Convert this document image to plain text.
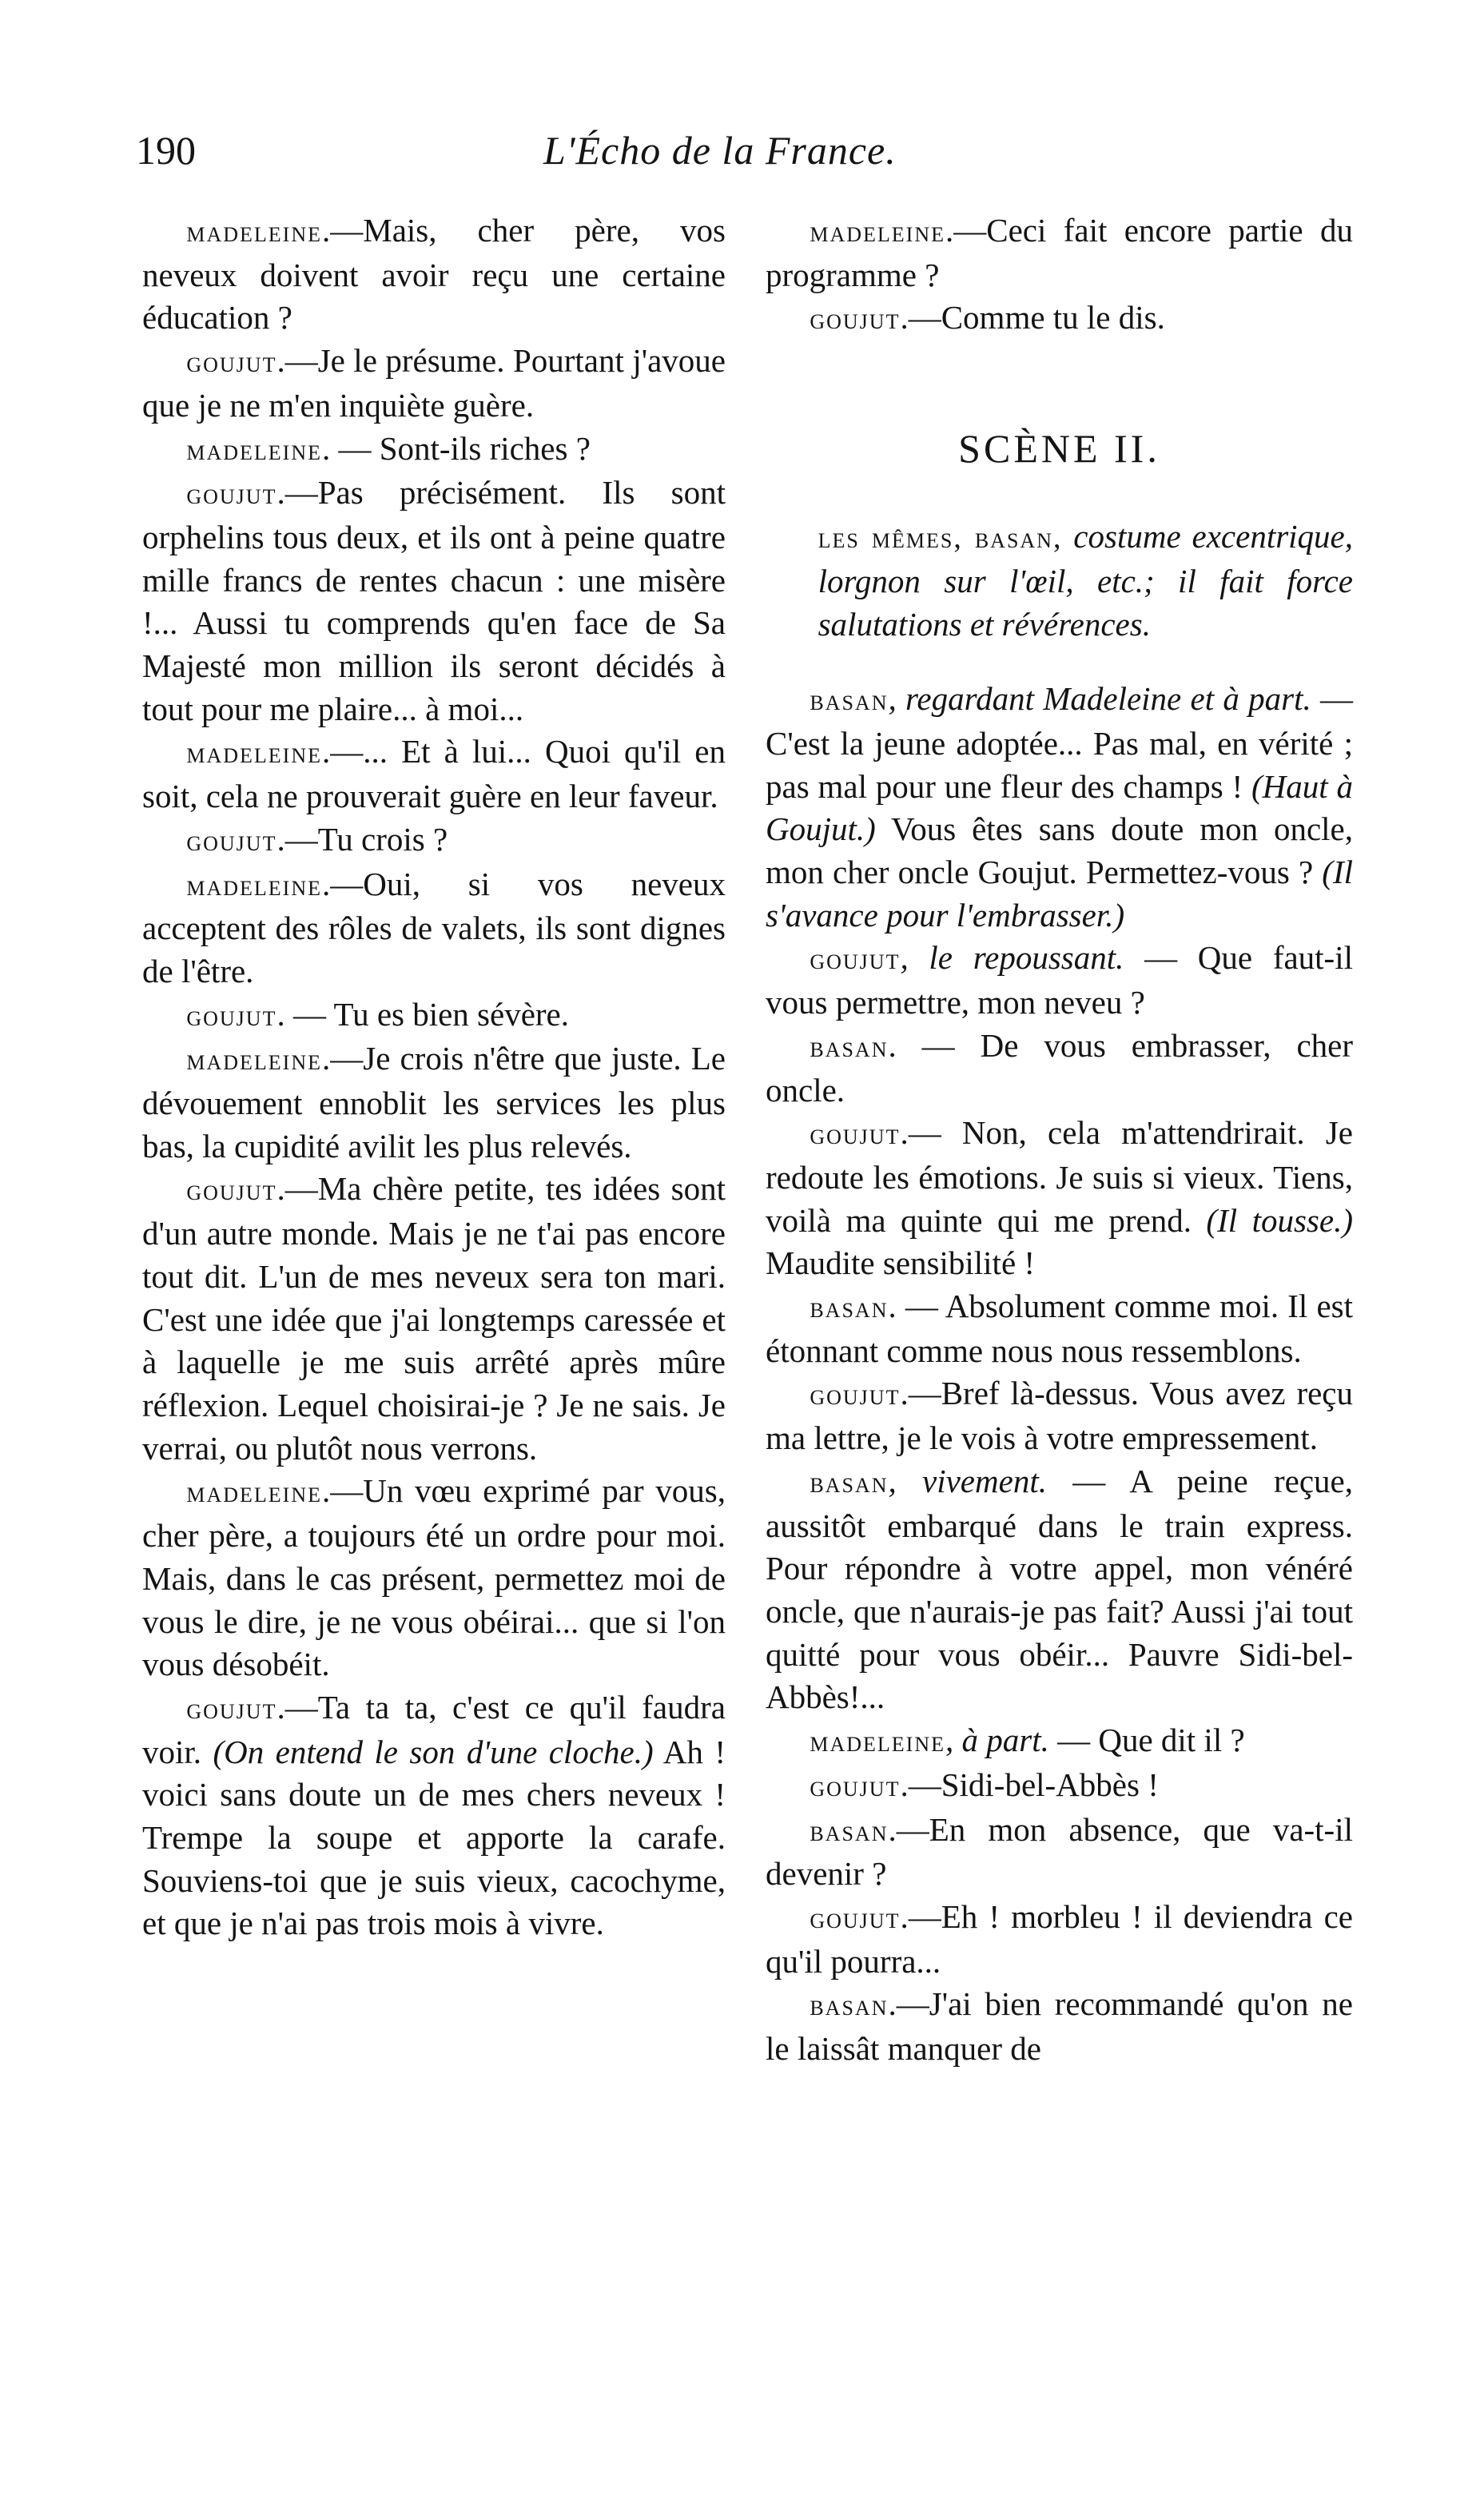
190	L'Écho de la France.

madeleine.—Mais, cher père, vos neveux doivent avoir reçu une certaine éducation ?

goujut.—Je le présume. Pourtant j'avoue que je ne m'en inquiète guère.

madeleine. — Sont-ils riches ?

goujut.—Pas précisément. Ils sont orphelins tous deux, et ils ont à peine quatre mille francs de rentes chacun : une misère !... Aussi tu comprends qu'en face de Sa Majesté mon million ils seront décidés à tout pour me plaire... à moi...

madeleine.—... Et à lui... Quoi qu'il en soit, cela ne prouverait guère en leur faveur.

goujut.—Tu crois ?

madeleine.—Oui, si vos neveux acceptent des rôles de valets, ils sont dignes de l'être.

goujut. — Tu es bien sévère.

madeleine.—Je crois n'être que juste. Le dévouement ennoblit les services les plus bas, la cupidité avilit les plus relevés.

goujut.—Ma chère petite, tes idées sont d'un autre monde. Mais je ne t'ai pas encore tout dit. L'un de mes neveux sera ton mari. C'est une idée que j'ai longtemps caressée et à laquelle je me suis arrêté après mûre réflexion. Lequel choisirai-je ? Je ne sais. Je verrai, ou plutôt nous verrons.

madeleine.—Un vœu exprimé par vous, cher père, a toujours été un ordre pour moi. Mais, dans le cas présent, permettez moi de vous le dire, je ne vous obéirai... que si l'on vous désobéit.

goujut.—Ta ta ta, c'est ce qu'il faudra voir. (On entend le son d'une cloche.) Ah ! voici sans doute un de mes chers neveux ! Trempe la soupe et apporte la carafe. Souviens-toi que je suis vieux, cacochyme, et que je n'ai pas trois mois à vivre.

madeleine.—Ceci fait encore partie du programme ?

goujut.—Comme tu le dis.

SCÈNE II.

les mêmes, basan, costume excentrique, lorgnon sur l'œil, etc.; il fait force salutations et révérences.

basan, regardant Madeleine et à part. — C'est la jeune adoptée... Pas mal, en vérité ; pas mal pour une fleur des champs ! (Haut à Goujut.) Vous êtes sans doute mon oncle, mon cher oncle Goujut. Permettez-vous ? (Il s'avance pour l'embrasser.)

goujut, le repoussant. — Que faut-il vous permettre, mon neveu ?

basan. — De vous embrasser, cher oncle.

goujut.— Non, cela m'attendrirait. Je redoute les émotions. Je suis si vieux. Tiens, voilà ma quinte qui me prend. (Il tousse.) Maudite sensibilité !

basan. — Absolument comme moi. Il est étonnant comme nous nous ressemblons.

goujut.—Bref là-dessus. Vous avez reçu ma lettre, je le vois à votre empressement.

basan, vivement. — A peine reçue, aussitôt embarqué dans le train express. Pour répondre à votre appel, mon vénéré oncle, que n'aurais-je pas fait? Aussi j'ai tout quitté pour vous obéir... Pauvre Sidi-bel-Abbès!...

madeleine, à part. — Que dit il ?

goujut.—Sidi-bel-Abbès !

basan.—En mon absence, que va-t-il devenir ?

goujut.—Eh ! morbleu ! il deviendra ce qu'il pourra...

basan.—J'ai bien recommandé qu'on ne le laissât manquer de
